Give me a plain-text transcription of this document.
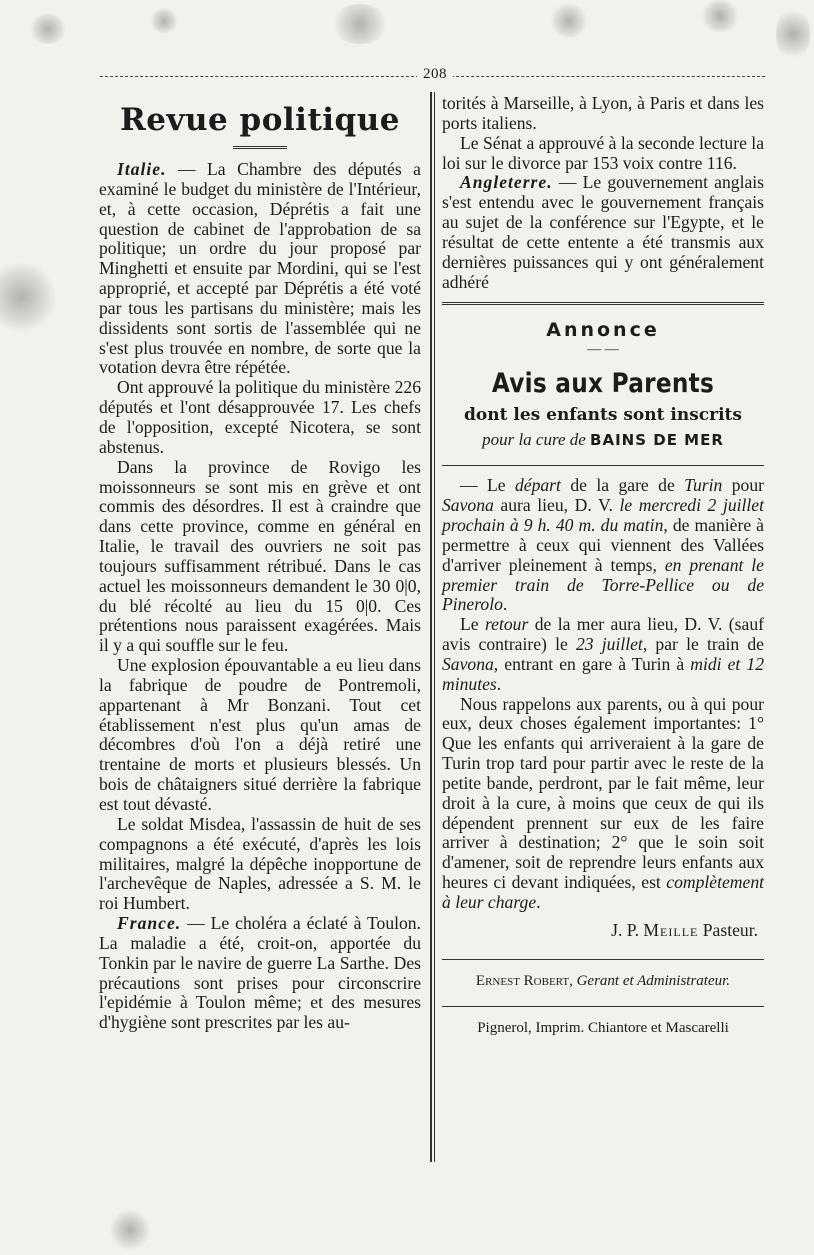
208
Revue politique

Italie. — La Chambre des députés a examiné le budget du ministère de l'Intérieur, et, à cette occasion, Déprétis a fait une question de cabinet de l'approbation de sa politique; un ordre du jour proposé par Minghetti et ensuite par Mordini, qui se l'est approprié, et accepté par Déprétis a été voté par tous les partisans du ministère; mais les dissidents sont sortis de l'assemblée qui ne s'est plus trouvée en nombre, de sorte que la votation devra être répétée.

Ont approuvé la politique du ministère 226 députés et l'ont désapprouvée 17. Les chefs de l'opposition, excepté Nicotera, se sont abstenus.

Dans la province de Rovigo les moissonneurs se sont mis en grève et ont commis des désordres. Il est à craindre que dans cette province, comme en général en Italie, le travail des ouvriers ne soit pas toujours suffisamment rétribué. Dans le cas actuel les moissonneurs demandent le 30 0|0, du blé récolté au lieu du 15 0|0. Ces prétentions nous paraissent exagérées. Mais il y a qui souffle sur le feu.

Une explosion épouvantable a eu lieu dans la fabrique de poudre de Pontremoli, appartenant à Mr Bonzani. Tout cet établissement n'est plus qu'un amas de décombres d'où l'on a déjà retiré une trentaine de morts et plusieurs blessés. Un bois de châtaigners situé derrière la fabrique est tout dévasté.

Le soldat Misdea, l'assassin de huit de ses compagnons a été exécuté, d'après les lois militaires, malgré la dépêche inopportune de l'archevêque de Naples, adressée a S. M. le roi Humbert.

France. — Le choléra a éclaté à Toulon. La maladie a été, croit-on, apportée du Tonkin par le navire de guerre La Sarthe. Des précautions sont prises pour circonscrire l'epidémie à Toulon même; et des mesures d'hygiène sont prescrites par les au-

torités à Marseille, à Lyon, à Paris et dans les ports italiens.

Le Sénat a approuvé à la seconde lecture la loi sur le divorce par 153 voix contre 116.

Angleterre. — Le gouvernement anglais s'est entendu avec le gouvernement français au sujet de la conférence sur l'Egypte, et le résultat de cette entente a été transmis aux dernières puissances qui y ont généralement adhéré

Annonce
— —
Avis aux Parents
dont les enfants sont inscrits
pour la cure de BAINS DE MER

— Le départ de la gare de Turin pour Savona aura lieu, D. V. le mercredi 2 juillet prochain à 9 h. 40 m. du matin, de manière à permettre à ceux qui viennent des Vallées d'arriver pleinement à temps, en prenant le premier train de Torre-Pellice ou de Pinerolo.

Le retour de la mer aura lieu, D. V. (sauf avis contraire) le 23 juillet, par le train de Savona, entrant en gare à Turin à midi et 12 minutes.

Nous rappelons aux parents, ou à qui pour eux, deux choses également importantes: 1° Que les enfants qui arriveraient à la gare de Turin trop tard pour partir avec le reste de la petite bande, perdront, par le fait même, leur droit à la cure, à moins que ceux de qui ils dépendent prennent sur eux de les faire arriver à destination; 2° que le soin soit d'amener, soit de reprendre leurs enfants aux heures ci devant indiquées, est complètement à leur charge.

J. P. Meille Pasteur.
Ernest Robert, Gerant et Administrateur.
Pignerol, Imprim. Chiantore et Mascarelli
